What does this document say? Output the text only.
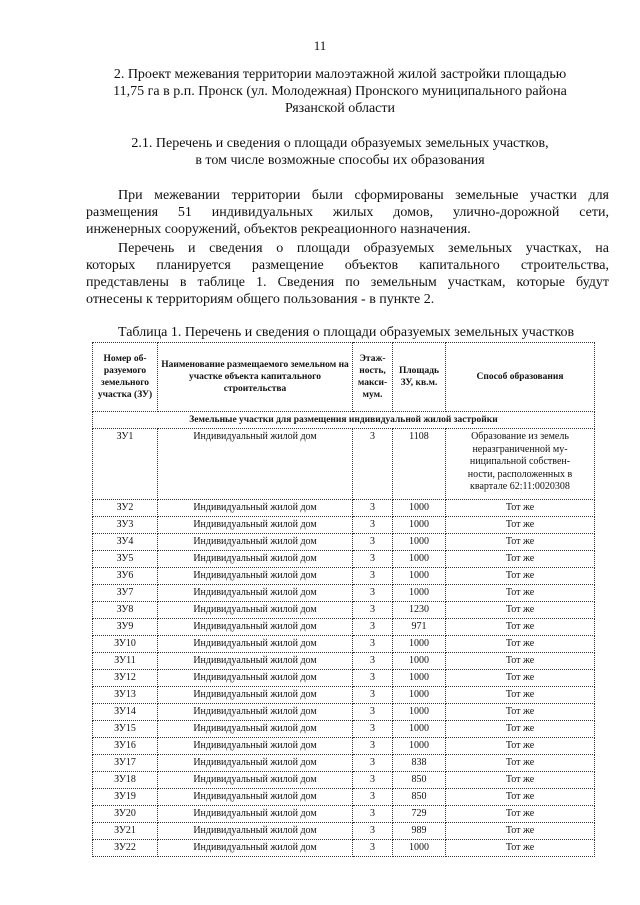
11
2. Проект межевания территории малоэтажной жилой застройки площадью
11,75 га в р.п. Пронск (ул. Молодежная) Пронского муниципального района
Рязанской области
2.1. Перечень и сведения о площади образуемых земельных участков,
в том числе возможные способы их образования
При межевании территории были сформированы земельные участки для
размещения 51 индивидуальных жилых домов, улично-дорожной сети,
инженерных сооружений, объектов рекреационного назначения.
Перечень и сведения о площади образуемых земельных участках, на
которых планируется размещение объектов капитального строительства,
представлены в таблице 1. Сведения по земельным участкам, которые будут
отнесены к территориям общего пользования - в пункте 2.
Таблица 1. Перечень и сведения о площади образуемых земельных участков
Номер об-разуемого земельного участка (ЗУ)	Наименование размещаемого земельном на участке объекта капитального строительства	Этаж-ность, макси-мум.	Площадь ЗУ, кв.м.	Способ образования
Земельные участки для размещения индивидуальной жилой застройки				
ЗУ1	Индивидуальный жилой дом	3	1108	Образование из земель
неразграниченной му-
ниципальной собствен-
ности, расположенных в
квартале 62:11:0020308

ЗУ2	Индивидуальный жилой дом	3	1000	Тот же
ЗУ3	Индивидуальный жилой дом	3	1000	Тот же
ЗУ4	Индивидуальный жилой дом	3	1000	Тот же
ЗУ5	Индивидуальный жилой дом	3	1000	Тот же
ЗУ6	Индивидуальный жилой дом	3	1000	Тот же
ЗУ7	Индивидуальный жилой дом	3	1000	Тот же
ЗУ8	Индивидуальный жилой дом	3	1230	Тот же
ЗУ9	Индивидуальный жилой дом	3	971	Тот же
ЗУ10	Индивидуальный жилой дом	3	1000	Тот же
ЗУ11	Индивидуальный жилой дом	3	1000	Тот же
ЗУ12	Индивидуальный жилой дом	3	1000	Тот же
ЗУ13	Индивидуальный жилой дом	3	1000	Тот же
ЗУ14	Индивидуальный жилой дом	3	1000	Тот же
ЗУ15	Индивидуальный жилой дом	3	1000	Тот же
ЗУ16	Индивидуальный жилой дом	3	1000	Тот же
ЗУ17	Индивидуальный жилой дом	3	838	Тот же
ЗУ18	Индивидуальный жилой дом	3	850	Тот же
ЗУ19	Индивидуальный жилой дом	3	850	Тот же
ЗУ20	Индивидуальный жилой дом	3	729	Тот же
ЗУ21	Индивидуальный жилой дом	3	989	Тот же
ЗУ22	Индивидуальный жилой дом	3	1000	Тот же
